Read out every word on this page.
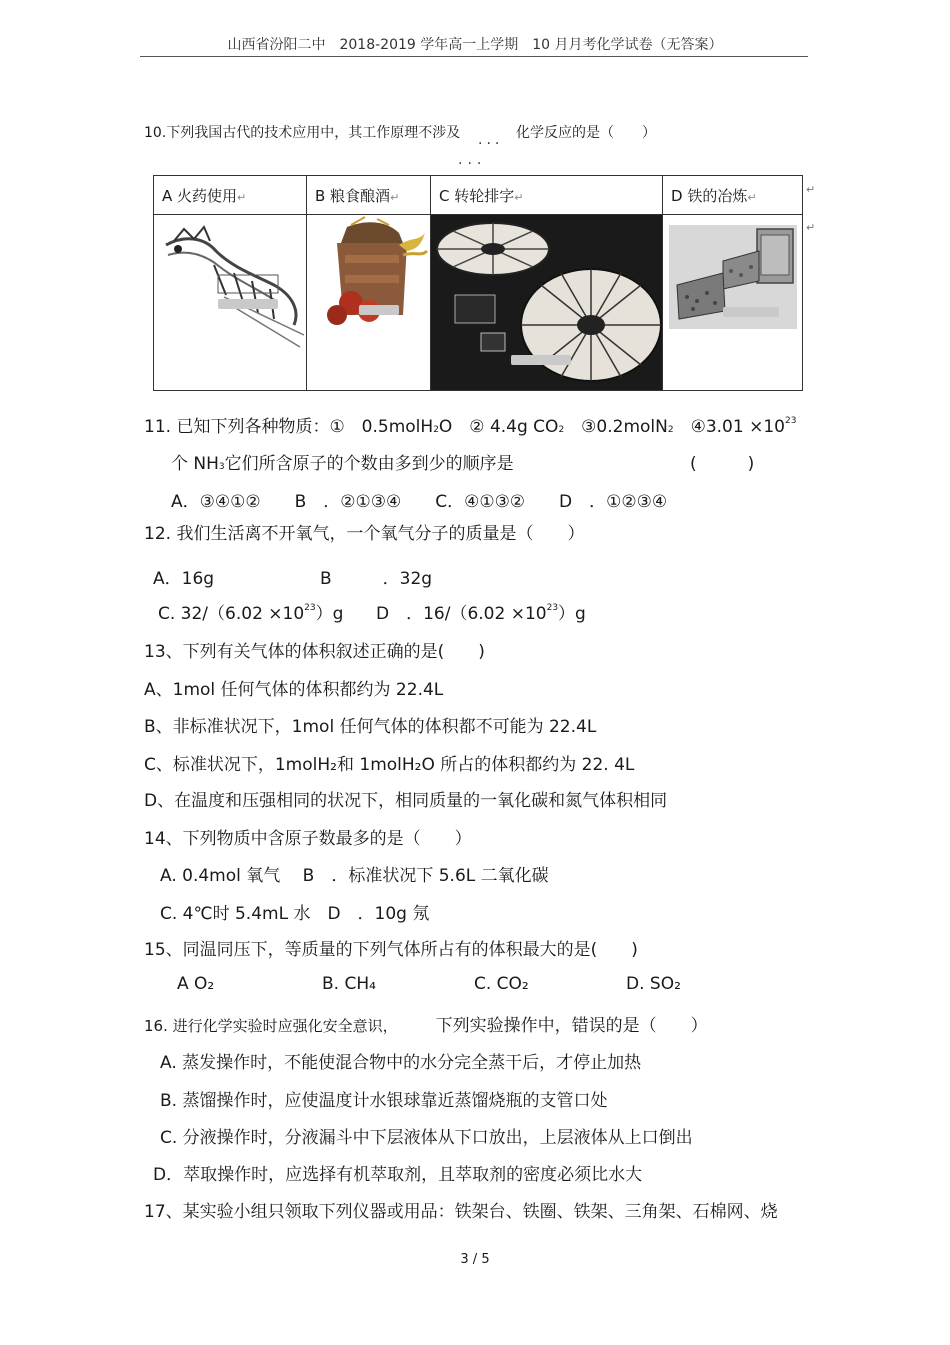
山西省汾阳二中　2018-2019 学年高一上学期　10 月月考化学试卷（无答案）
10.下列我国古代的技术应用中，其工作原理不涉及 ... 化学反应的是（　　）
...
A 火药使用↵	B 粮食酿酒↵	C 转轮排字↵	D 铁的冶炼↵

↵
↵
11. 已知下列各种物质：①　0.5molH2O　② 4.4g CO2　③0.2molN2　④3.01 $\times 10^{23}$
个 NH3它们所含原子的个数由多到少的顺序是	(　　　)
A．③④①②　　B　．②①③④　　C．④①③②　　D　．①②③④
12. 我们生活离不开氧气，一个氧气分子的质量是（　　）
A．16g	B　　　．32g
C. $32/(6.02 \times 10^{23})g$ D　．$16/(6.02 \times 10^{23})g$
13、下列有关气体的体积叙述正确的是(　　)
A、1mol 任何气体的体积都约为 22.4L
B、非标准状况下，1mol 任何气体的体积都不可能为 22.4L
C、标准状况下，1molH₂和 1molH₂O 所占的体积都约为 22. 4L
D、在温度和压强相同的状况下，相同质量的一氧化碳和氮气体积相同
14、下列物质中含原子数最多的是（　　）
A. 0.4mol 氧气　 B　．标准状况下 5.6L 二氧化碳
C. 4℃时 5.4mL 水　D　．10g 氖
15、同温同压下，等质量的下列气体所占有的体积最大的是(　　)
A O₂	B. CH₄	C. CO₂	D. SO₂
16. 进行化学实验时应强化安全意识， 下列实验操作中，错误的是（　　）
A. 蒸发操作时，不能使混合物中的水分完全蒸干后，才停止加热
B. 蒸馏操作时，应使温度计水银球靠近蒸馏烧瓶的支管口处
C. 分液操作时，分液漏斗中下层液体从下口放出，上层液体从上口倒出
D．萃取操作时，应选择有机萃取剂，且萃取剂的密度必须比水大
17、某实验小组只领取下列仪器或用品：铁架台、铁圈、铁架、三角架、石棉网、烧
3 / 5
